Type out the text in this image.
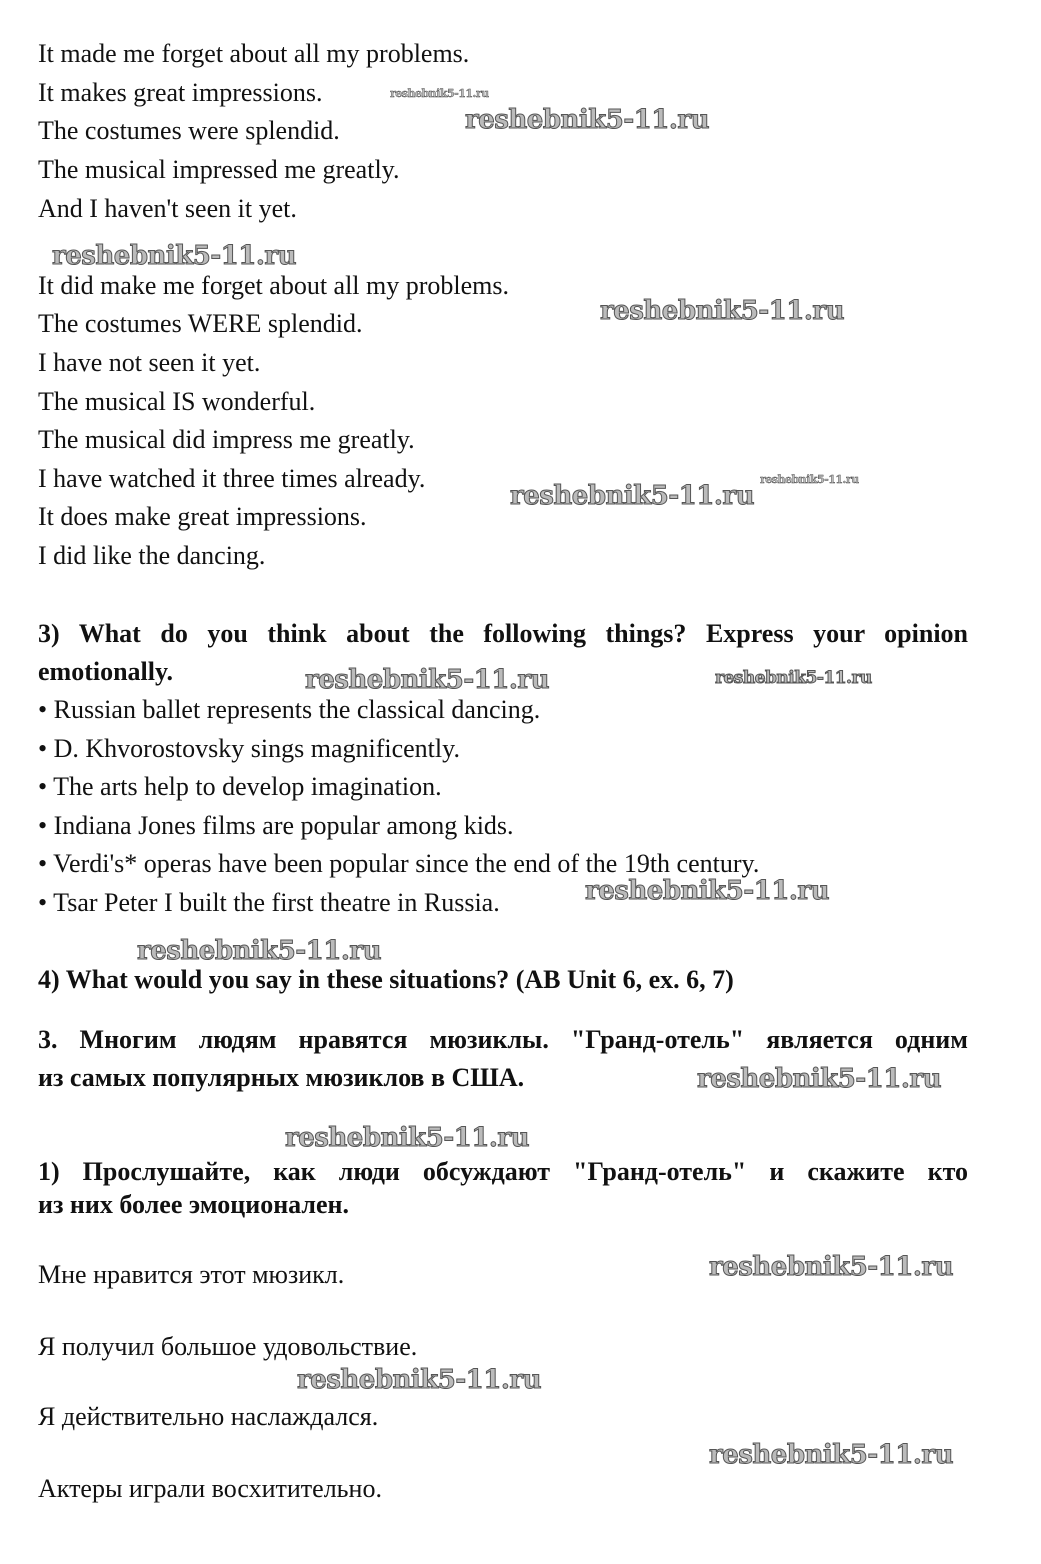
It made me forget about all my problems.
It makes great impressions.
The costumes were splendid.
The musical impressed me greatly.
And I haven't seen it yet.
It did make me forget about all my problems.
The costumes WERE splendid.
I have not seen it yet.
The musical IS wonderful.
The musical did impress me greatly.
I have watched it three times already.
It does make great impressions.
I did like the dancing.
3) What do you think about the following things? Express your opinion
emotionally.
• Russian ballet represents the classical dancing.
• D. Khvorostovsky sings magnificently.
• The arts help to develop imagination.
• Indiana Jones films are popular among kids.
• Verdi's* operas have been popular since the end of the 19th century.
• Tsar Peter I built the first theatre in Russia.
4) What would you say in these situations? (AB Unit 6, ex. 6, 7)
3. Многим людям нравятся мюзиклы. "Гранд-отель" является одним
из самых популярных мюзиклов в США.
1) Прослушайте, как люди обсуждают "Гранд-отель" и скажите кто
из них более эмоционален.
Мне нравится этот мюзикл.
Я получил большое удовольствие.
Я действительно наслаждался.
Актеры играли восхитительно.
reshebnik5-11.ru
reshebnik5-11.ru
reshebnik5-11.ru
reshebnik5-11.ru
reshebnik5-11.ru
reshebnik5-11.ru
reshebnik5-11.ru	reshebnik5-11.ru
reshebnik5-11.ru
reshebnik5-11.ru
reshebnik5-11.ru
reshebnik5-11.ru
reshebnik5-11.ru
reshebnik5-11.ru
reshebnik5-11.ru
